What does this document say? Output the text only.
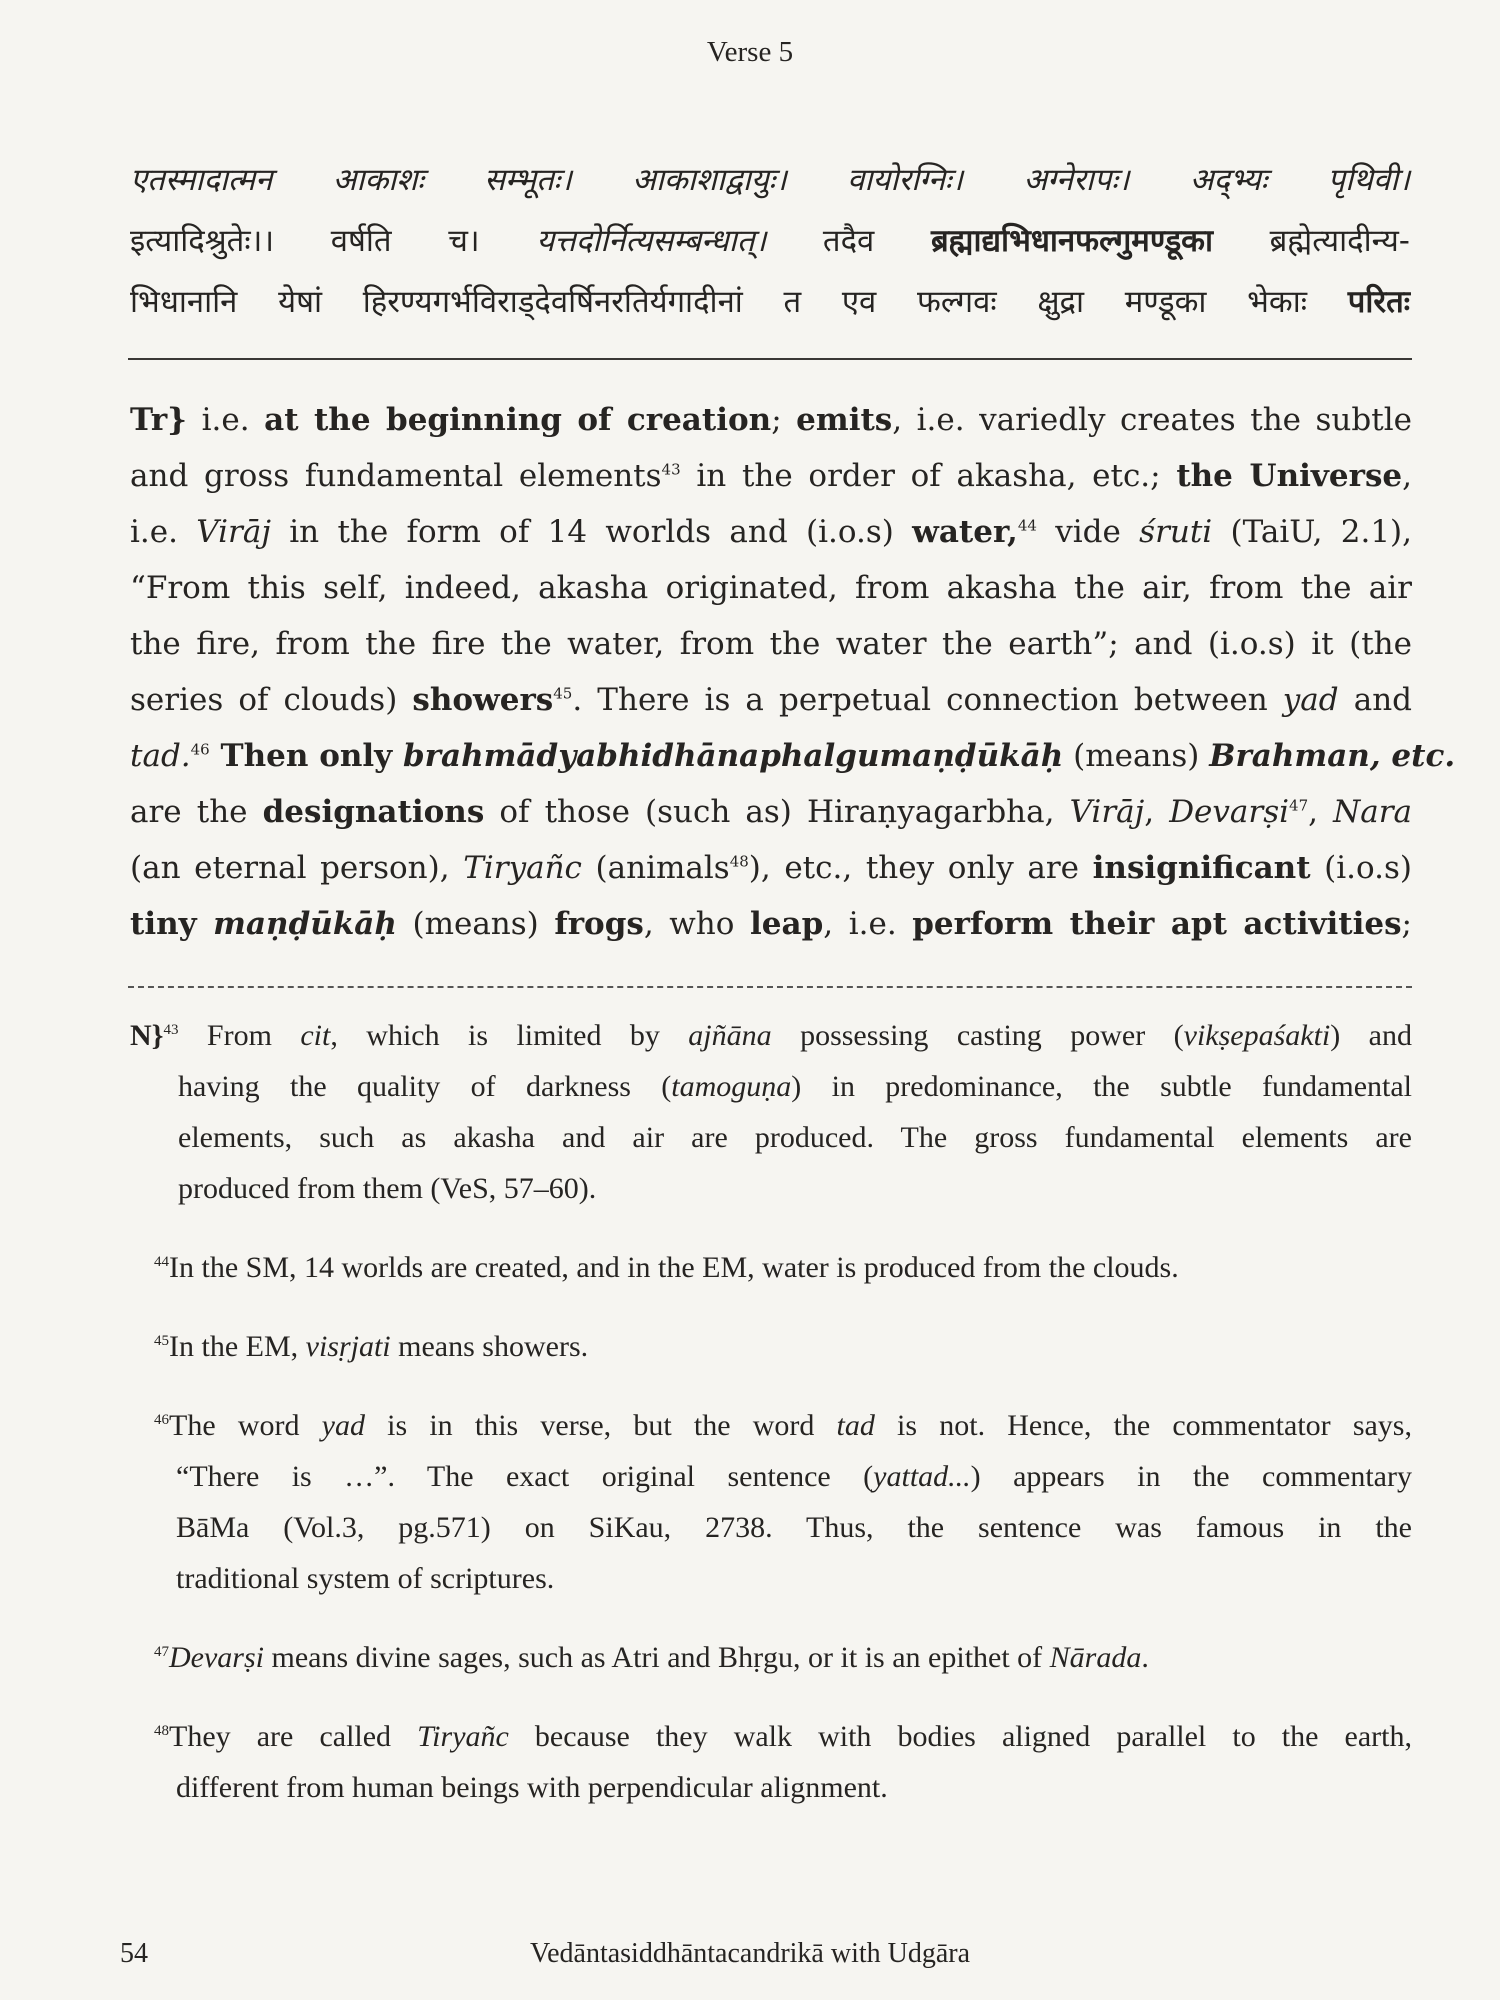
Verse 5
एतस्मादात्मन आकाशः सम्भूतः। आकाशाद्वायुः। वायोरग्निः। अग्नेरापः। अद्भ्यः पृथिवी।
इत्यादिश्रुतेः।। वर्षति च। यत्तदोर्नित्यसम्बन्धात्। तदैव ब्रह्माद्यभिधानफल्गुमण्डूका ब्रह्मेत्यादीन्य-
भिधानानि येषां हिरण्यगर्भविराड्देवर्षिनरतिर्यगादीनां त एव फल्गवः क्षुद्रा मण्डूका भेकाः परितः
Tr} i.e. at the beginning of creation; emits, i.e. variedly creates the subtle
and gross fundamental elements$^{43}$ in the order of akasha, etc.; the Universe,
i.e. Virāj in the form of 14 worlds and (i.o.s) water,$^{44}$ vide śruti (TaiU, 2.1),
“From this self, indeed, akasha originated, from akasha the air, from the air
the fire, from the fire the water, from the water the earth”; and (i.o.s) it (the
series of clouds) showers$^{45}$. There is a perpetual connection between yad and
tad.$^{46}$ Then only brahmādyabhidhānaphalgumaṇḍūkāḥ (means) Brahman, etc.
are the designations of those (such as) Hiraṇyagarbha, Virāj, Devarṣi$^{47}$, Nara
(an eternal person), Tiryañc (animals$^{48}$), etc., they only are insignificant (i.o.s)
tiny maṇḍūkāḥ (means) frogs, who leap, i.e. perform their apt activities;
N}$^{43}$ From cit, which is limited by ajñāna possessing casting power (vikṣepaśakti) and
having the quality of darkness (tamoguṇa) in predominance, the subtle fundamental
elements, such as akasha and air are produced. The gross fundamental elements are
produced from them (VeS, 57–60).
$^{44}$In the SM, 14 worlds are created, and in the EM, water is produced from the clouds.
$^{45}$In the EM, visṛjati means showers.
$^{46}$The word yad is in this verse, but the word tad is not. Hence, the commentator says,
“There is …”. The exact original sentence (yattad...) appears in the commentary
BāMa (Vol.3, pg.571) on SiKau, 2738. Thus, the sentence was famous in the
traditional system of scriptures.
$^{47}$Devarṣi means divine sages, such as Atri and Bhṛgu, or it is an epithet of Nārada.
$^{48}$They are called Tiryañc because they walk with bodies aligned parallel to the earth,
different from human beings with perpendicular alignment.
54	Vedāntasiddhāntacandrikā with Udgāra
